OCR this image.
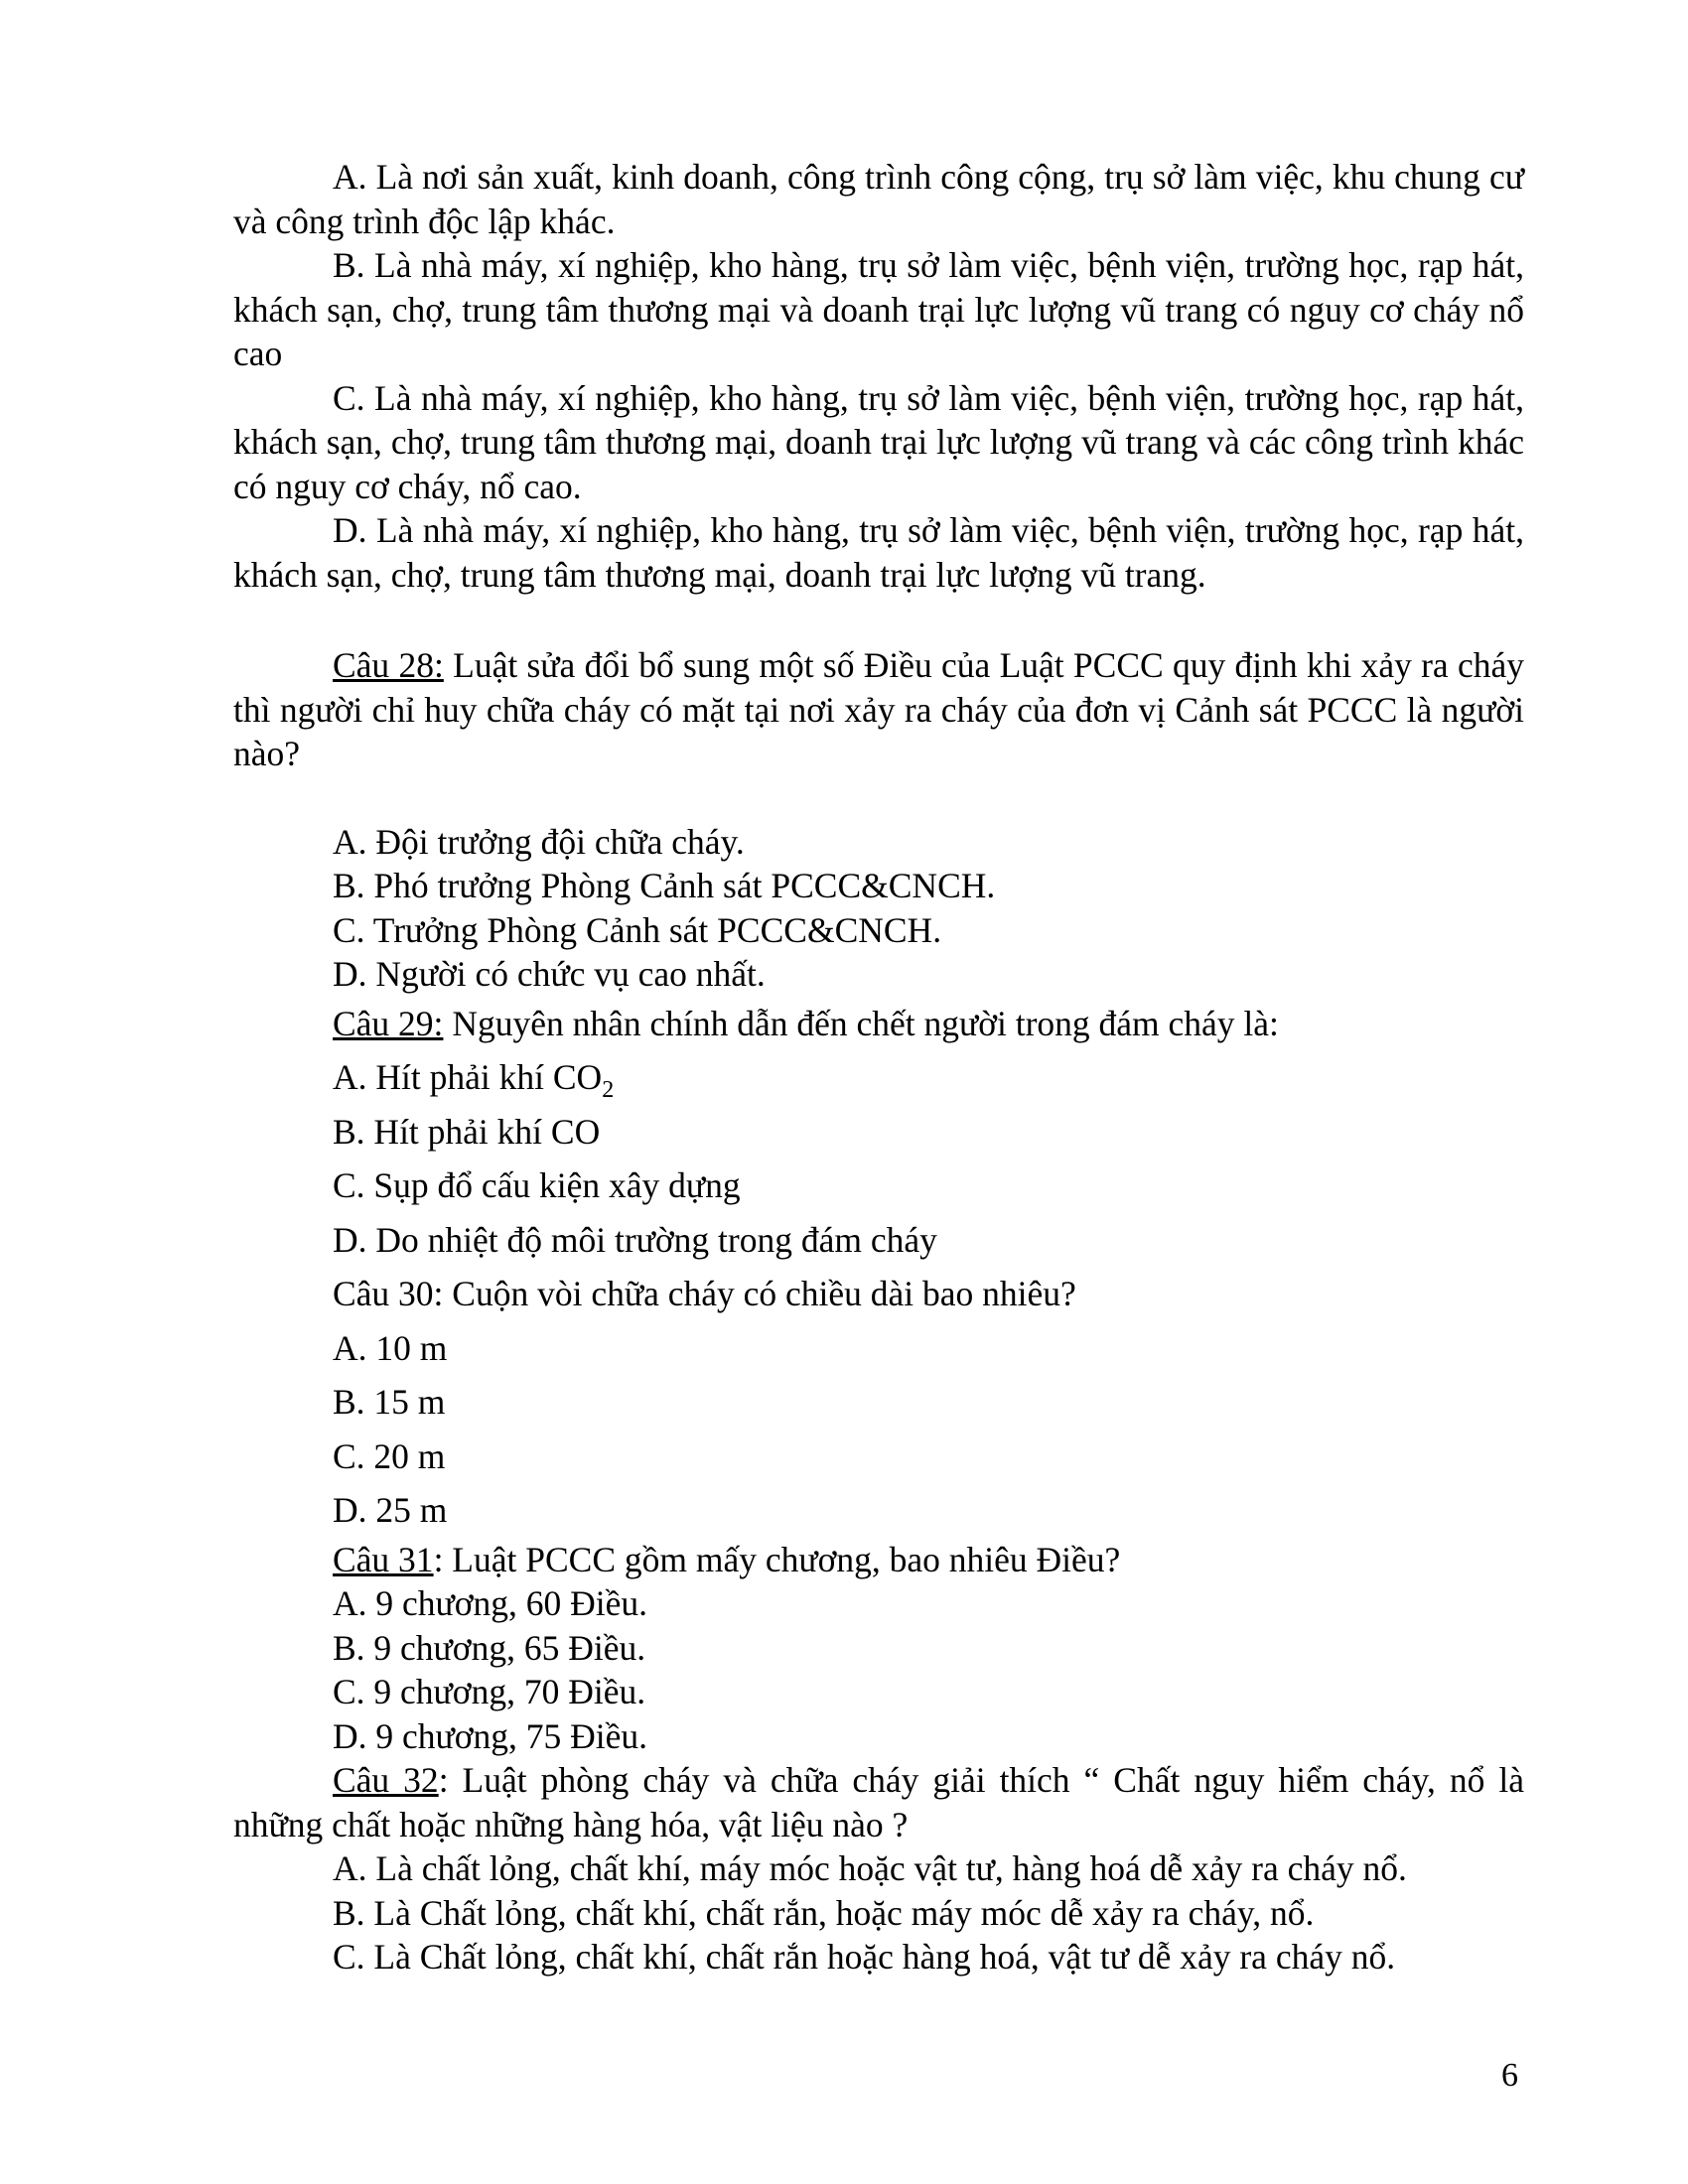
A. Là nơi sản xuất, kinh doanh, công trình công cộng, trụ sở làm việc, khu chung cư và công trình độc lập khác.

B. Là nhà máy, xí nghiệp, kho hàng, trụ sở làm việc, bệnh viện, trường học, rạp hát, khách sạn, chợ, trung tâm thương mại và doanh trại lực lượng vũ trang có nguy cơ cháy nổ cao

C. Là nhà máy, xí nghiệp, kho hàng, trụ sở làm việc, bệnh viện, trường học, rạp hát, khách sạn, chợ, trung tâm thương mại, doanh trại lực lượng vũ trang và các công trình khác có nguy cơ cháy, nổ cao.

D. Là nhà máy, xí nghiệp, kho hàng, trụ sở làm việc, bệnh viện, trường học, rạp hát, khách sạn, chợ, trung tâm thương mại, doanh trại lực lượng vũ trang.

Câu 28: Luật sửa đổi bổ sung một số Điều của Luật PCCC quy định khi xảy ra cháy thì người chỉ huy chữa cháy có mặt tại nơi xảy ra cháy của đơn vị Cảnh sát PCCC là người nào?

A. Đội trưởng đội chữa cháy.

B. Phó trưởng Phòng Cảnh sát PCCC&CNCH.

C. Trưởng Phòng Cảnh sát PCCC&CNCH.

D. Người có chức vụ cao nhất.

Câu 29: Nguyên nhân chính dẫn đến chết người trong đám cháy là:

A. Hít phải khí $CO_2$

B. Hít phải khí CO

C. Sụp đổ cấu kiện xây dựng

D. Do nhiệt độ môi trường trong đám cháy

Câu 30: Cuộn vòi chữa cháy có chiều dài bao nhiêu?

A. 10 m

B. 15 m

C. 20 m

D. 25 m

Câu 31: Luật PCCC gồm mấy chương, bao nhiêu Điều?

A. 9 chương, 60 Điều.

B. 9 chương, 65 Điều.

C. 9 chương, 70 Điều.

D. 9 chương, 75 Điều.

Câu 32: Luật phòng cháy và chữa cháy giải thích “ Chất nguy hiểm cháy, nổ là những chất hoặc những hàng hóa, vật liệu nào ?

A. Là chất lỏng, chất khí, máy móc hoặc vật tư, hàng hoá dễ xảy ra cháy nổ.

B. Là Chất lỏng, chất khí, chất rắn, hoặc máy móc dễ xảy ra cháy, nổ.

C. Là Chất lỏng, chất khí, chất rắn hoặc hàng hoá, vật tư dễ xảy ra cháy nổ.

6
